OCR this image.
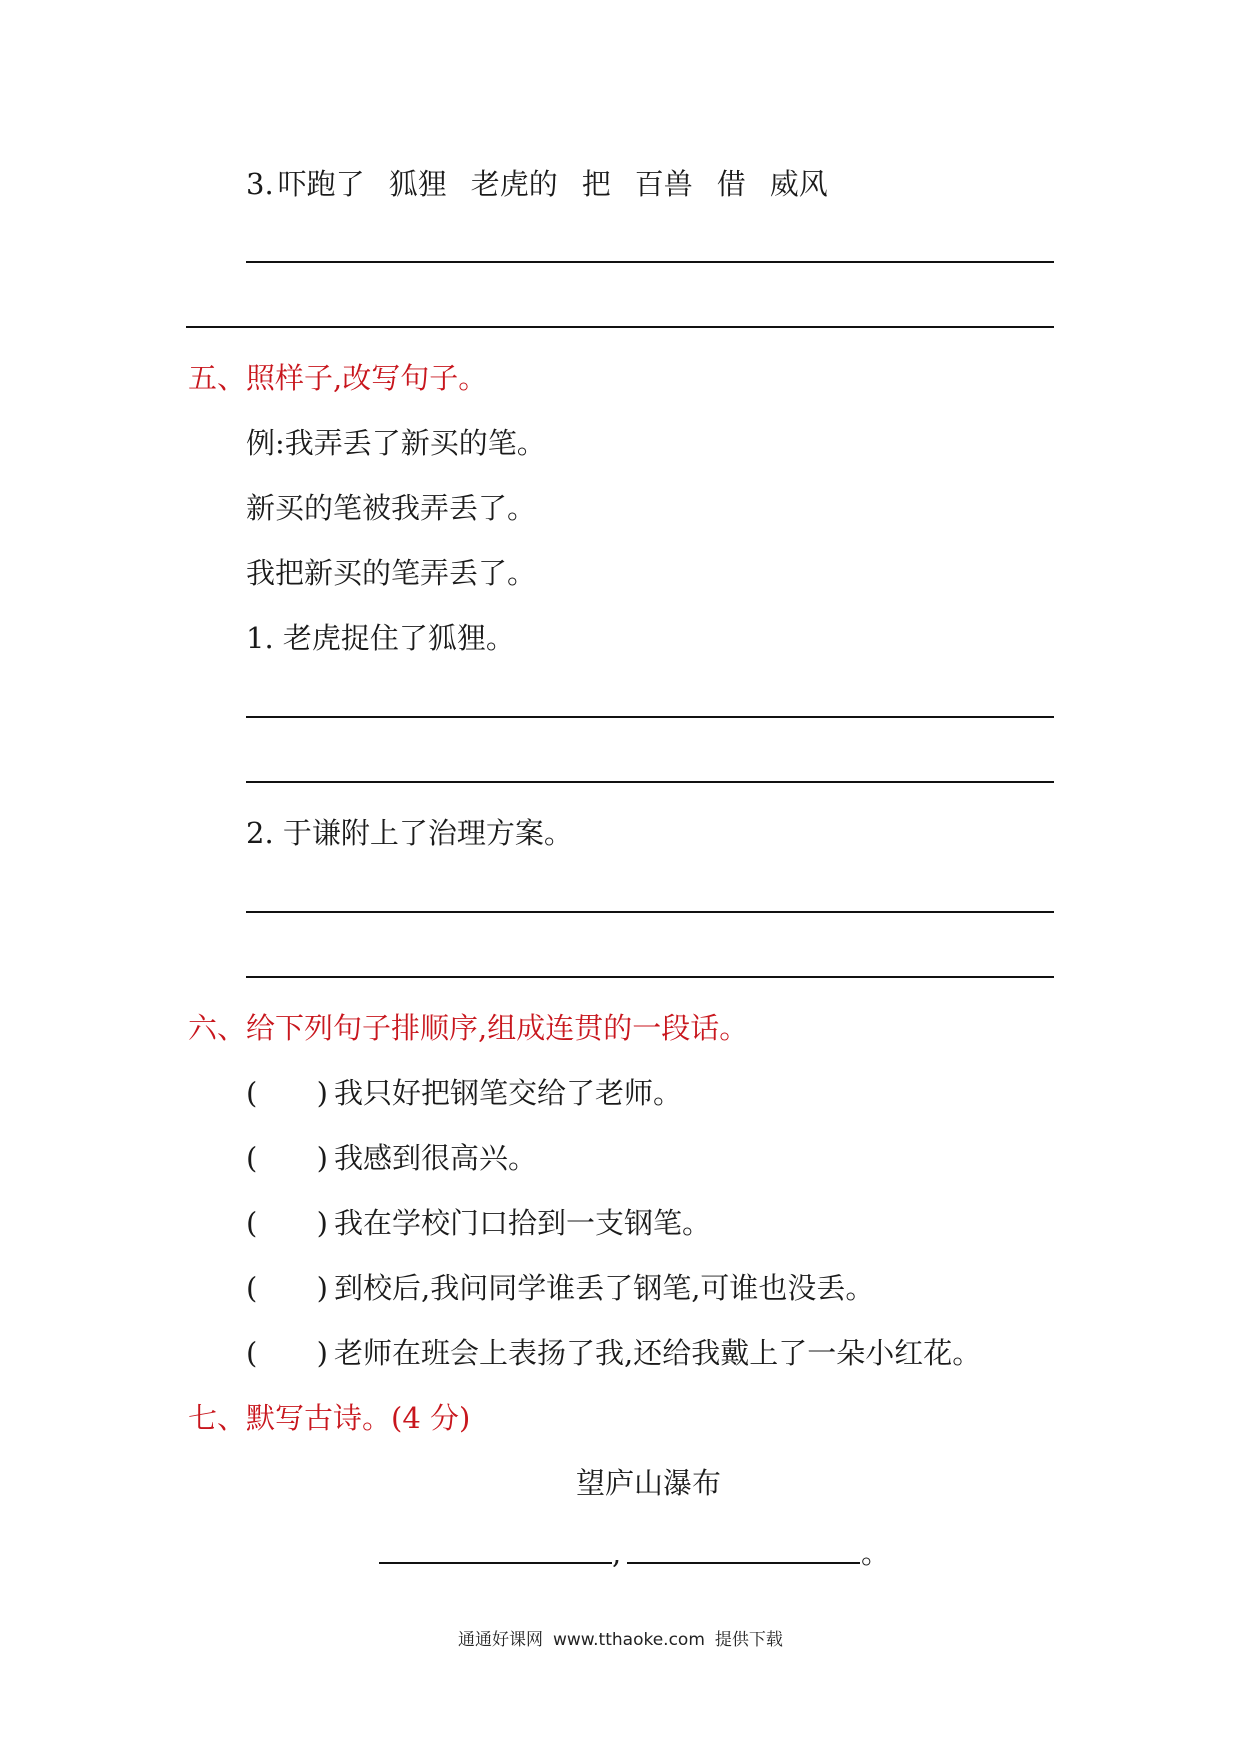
3. 吓跑了 狐狸 老虎的 把 百兽 借 威风
五、照样子,改写句子。
例:我弄丢了新买的笔。
新买的笔被我弄丢了。
我把新买的笔弄丢了。
1. 老虎捉住了狐狸。
2. 于谦附上了治理方案。
六、给下列句子排顺序,组成连贯的一段话。
( ) 我只好把钢笔交给了老师。
( ) 我感到很高兴。
( ) 我在学校门口拾到一支钢笔。
( ) 到校后,我问同学谁丢了钢笔,可谁也没丢。
( ) 老师在班会上表扬了我,还给我戴上了一朵小红花。
七、默写古诗。(4 分)
望庐山瀑布
,	。
通通好课网 www.tthaoke.com 提供下载
